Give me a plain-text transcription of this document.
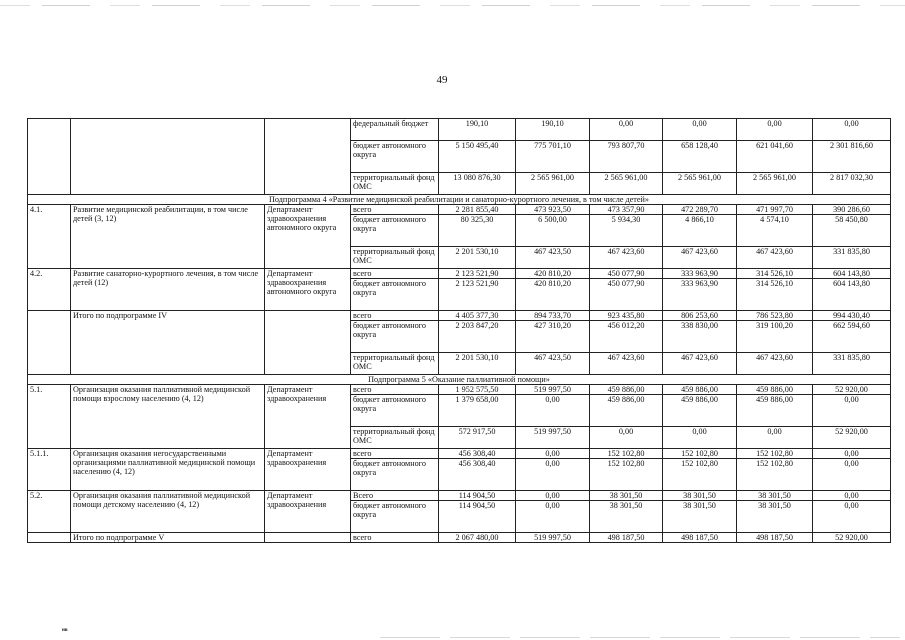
49
			федеральный бюджет	190,10	190,10	0,00	0,00	0,00	0,00
			бюджет автономного округа	5 150 495,40	775 701,10	793 807,70	658 128,40	621 041,60	2 301 816,60
			территориальный фонд ОМС	13 080 876,30	2 565 961,00	2 565 961,00	2 565 961,00	2 565 961,00	2 817 032,30
Подпрограмма 4 «Развитие медицинской реабилитации и санаторно-курортного лечения, в том числе детей»									
4.1.	Развитие медицинской реабилитации, в том числе детей (3, 12)	Департамент здравоохранения автономного округа	всего	2 281 855,40	473 923,50	473 357,90	472 289,70	471 997,70	390 286,60
			бюджет автономного округа	80 325,30	6 500,00	5 934,30	4 866,10	4 574,10	58 450,80
			территориальный фонд ОМС	2 201 530,10	467 423,50	467 423,60	467 423,60	467 423,60	331 835,80
4.2.	Развитие санаторно-курортного лечения, в том числе детей (12)	Департамент здравоохранения автономного округа	всего	2 123 521,90	420 810,20	450 077,90	333 963,90	314 526,10	604 143,80
			бюджет автономного округа	2 123 521,90	420 810,20	450 077,90	333 963,90	314 526,10	604 143,80
	Итого по подпрограмме IV		всего	4 405 377,30	894 733,70	923 435,80	806 253,60	786 523,80	994 430,40
			бюджет автономного округа	2 203 847,20	427 310,20	456 012,20	338 830,00	319 100,20	662 594,60
			территориальный фонд ОМС	2 201 530,10	467 423,50	467 423,60	467 423,60	467 423,60	331 835,80
Подпрограмма 5 «Оказание паллиативной помощи»									
5.1.	Организация оказания паллиативной медицинской помощи взрослому населению (4, 12)	Департамент здравоохранения	всего	1 952 575,50	519 997,50	459 886,00	459 886,00	459 886,00	52 920,00
			бюджет автономного округа	1 379 658,00	0,00	459 886,00	459 886,00	459 886,00	0,00
			территориальный фонд ОМС	572 917,50	519 997,50	0,00	0,00	0,00	52 920,00
5.1.1.	Организация оказания негосударственными организациями паллиативной медицинской помощи населению (4, 12)	Департамент здравоохранения	всего	456 308,40	0,00	152 102,80	152 102,80	152 102,80	0,00
			бюджет автономного округа	456 308,40	0,00	152 102,80	152 102,80	152 102,80	0,00
5.2.	Организация оказания паллиативной медицинской помощи детскому населению (4, 12)	Департамент здравоохранения	Всего	114 904,50	0,00	38 301,50	38 301,50	38 301,50	0,00
			бюджет автономного округа	114 904,50	0,00	38 301,50	38 301,50	38 301,50	0,00
	Итого по подпрограмме V		всего	2 067 480,00	519 997,50	498 187,50	498 187,50	498 187,50	52 920,00
нв
